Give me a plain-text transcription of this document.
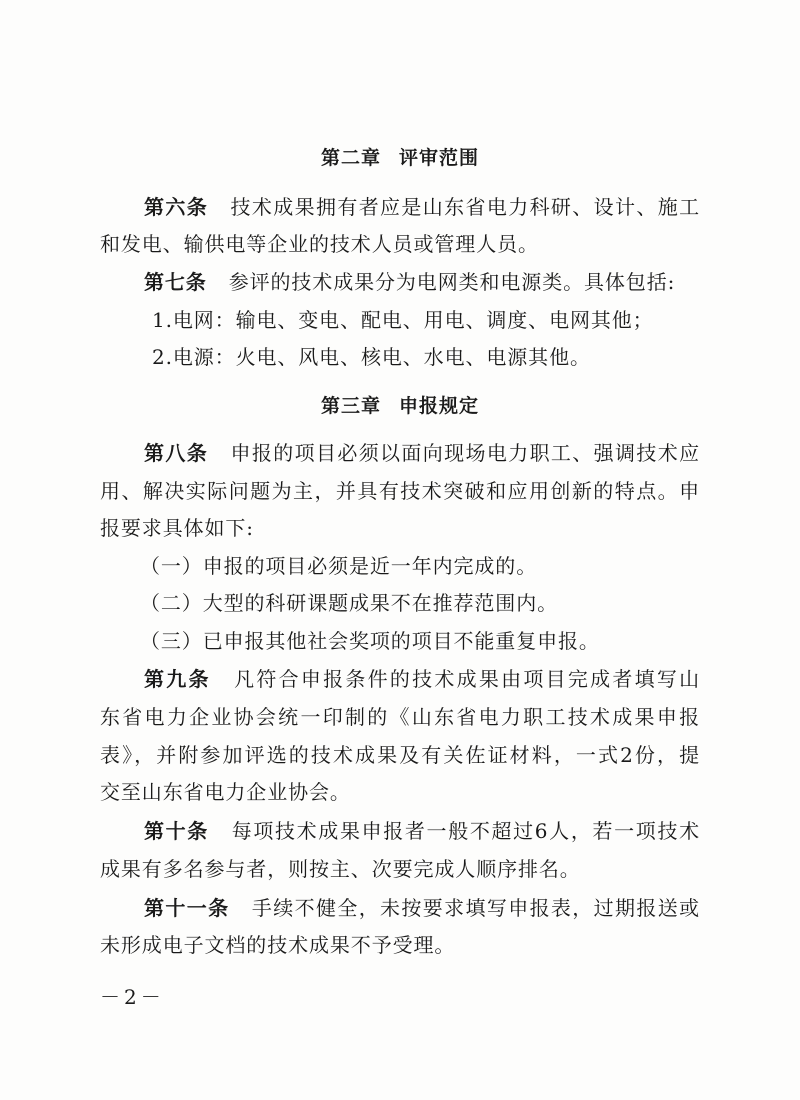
第二章 评审范围
第六条 技术成果拥有者应是山东省电力科研、设计、施工
和发电、输供电等企业的技术人员或管理人员。
第七条 参评的技术成果分为电网类和电源类。具体包括:
1.电网：输电、变电、配电、用电、调度、电网其他；
2.电源：火电、风电、核电、水电、电源其他。
第三章 申报规定
第八条 申报的项目必须以面向现场电力职工、强调技术应
用、解决实际问题为主，并具有技术突破和应用创新的特点。申
报要求具体如下:
（一）申报的项目必须是近一年内完成的。
（二）大型的科研课题成果不在推荐范围内。
（三）已申报其他社会奖项的项目不能重复申报。
第九条 凡符合申报条件的技术成果由项目完成者填写山
东省电力企业协会统一印制的《山东省电力职工技术成果申报
表》，并附参加评选的技术成果及有关佐证材料，一式2份，提
交至山东省电力企业协会。
第十条 每项技术成果申报者一般不超过6人，若一项技术
成果有多名参与者，则按主、次要完成人顺序排名。
第十一条 手续不健全，未按要求填写申报表，过期报送或
未形成电子文档的技术成果不予受理。
－2－
